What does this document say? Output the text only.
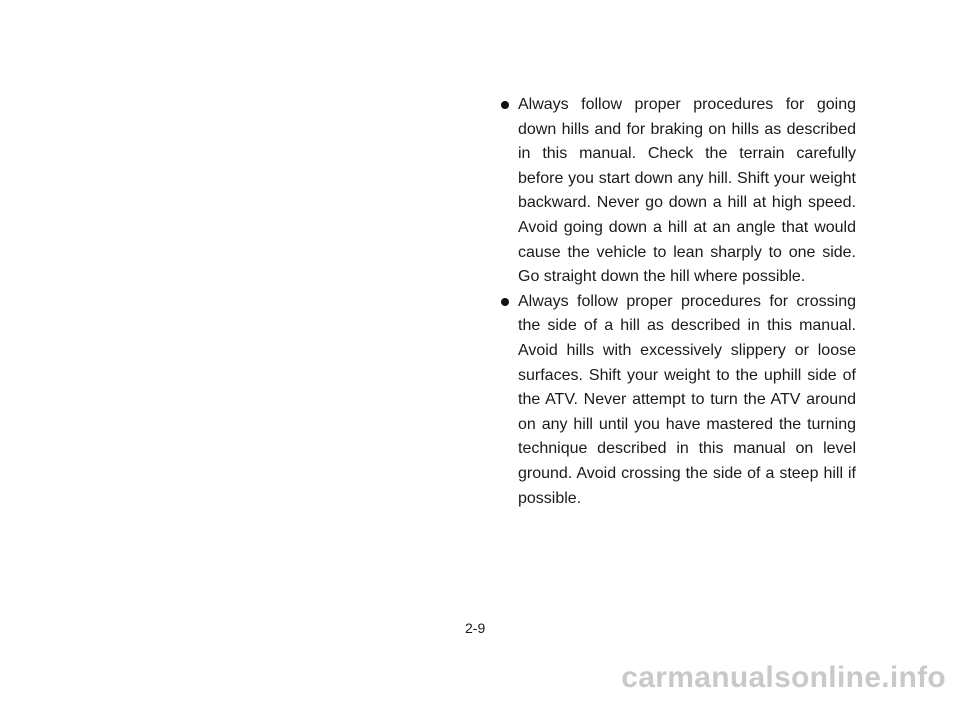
Always follow proper procedures for going down hills and for braking on hills as described in this manual. Check the terrain carefully before you start down any hill. Shift your weight backward. Never go down a hill at high speed. Avoid going down a hill at an angle that would cause the vehicle to lean sharply to one side. Go straight down the hill where possible.
Always follow proper procedures for crossing the side of a hill as described in this manual. Avoid hills with excessively slippery or loose surfaces. Shift your weight to the uphill side of the ATV. Never attempt to turn the ATV around on any hill until you have mastered the turning technique described in this manual on level ground. Avoid crossing the side of a steep hill if possible.
2-9
carmanualsonline.info
